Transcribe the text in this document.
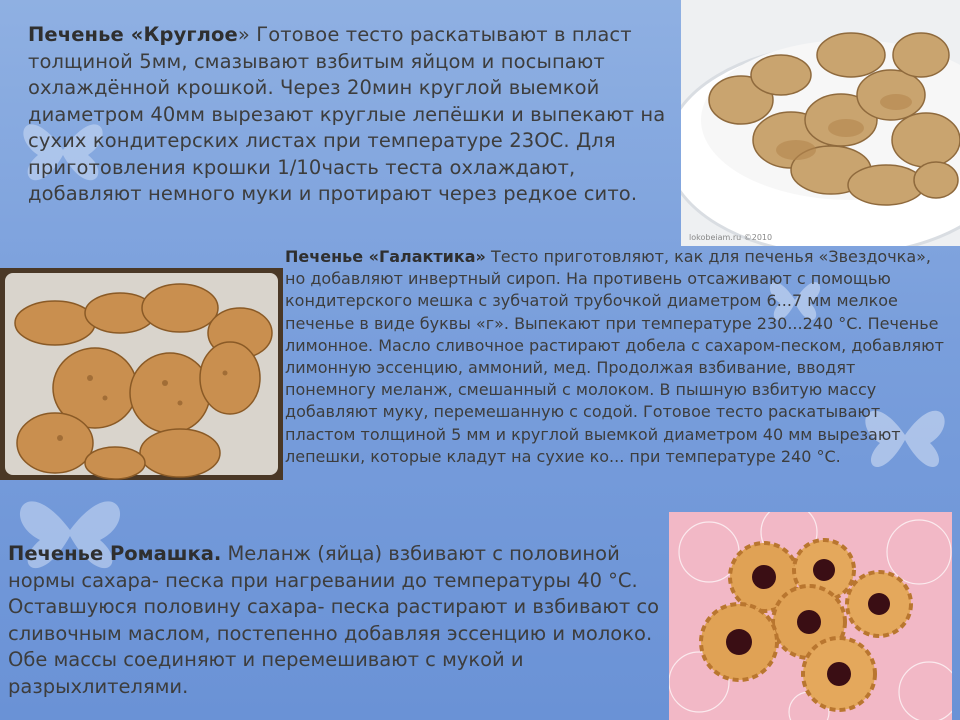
lokobeiam.ru ©2010
Печенье «Круглое» Готовое тесто раскатывают в пласт толщиной 5мм, смазывают взбитым яйцом и посыпают охлаждённой крошкой. Через 20мин круглой выемкой диаметром 40мм вырезают круглые лепёшки и выпекают на сухих кондитерских листах при температуре 23ОС. Для приготовления крошки 1/10часть теста охлаждают, добавляют немного муки и протирают через редкое сито.
Печенье «Галактика» Тесто приготовляют, как для печенья «Звездочка», но добавляют инвертный сироп. На противень отсаживают с помощью кондитерского мешка с зубчатой трубочкой диаметром 6...7 мм мелкое печенье в виде буквы «г». Выпекают при температуре 230...240 °С. Печенье лимонное. Масло сливочное растирают добела с сахаром-песком, добавляют лимонную эссенцию, аммоний, мед. Продолжая взбивание, вводят понемногу меланж, смешанный с молоком. В пышную взбитую массу добавляют муку, перемешанную с содой. Готовое тесто раскатывают пластом толщиной 5 мм и круглой выемкой диаметром 40 мм вырезают лепешки, которые кладут на сухие ко... при температуре 240 °С.
Печенье Ромашка. Меланж (яйца) взбивают с половиной нормы сахара- песка при нагревании до температуры 40 °С. Оставшуюся половину сахара- песка растирают и взбивают со сливочным маслом, постепенно добавляя эссенцию и молоко. Обе массы соединяют и перемешивают с мукой и разрыхлителями.
